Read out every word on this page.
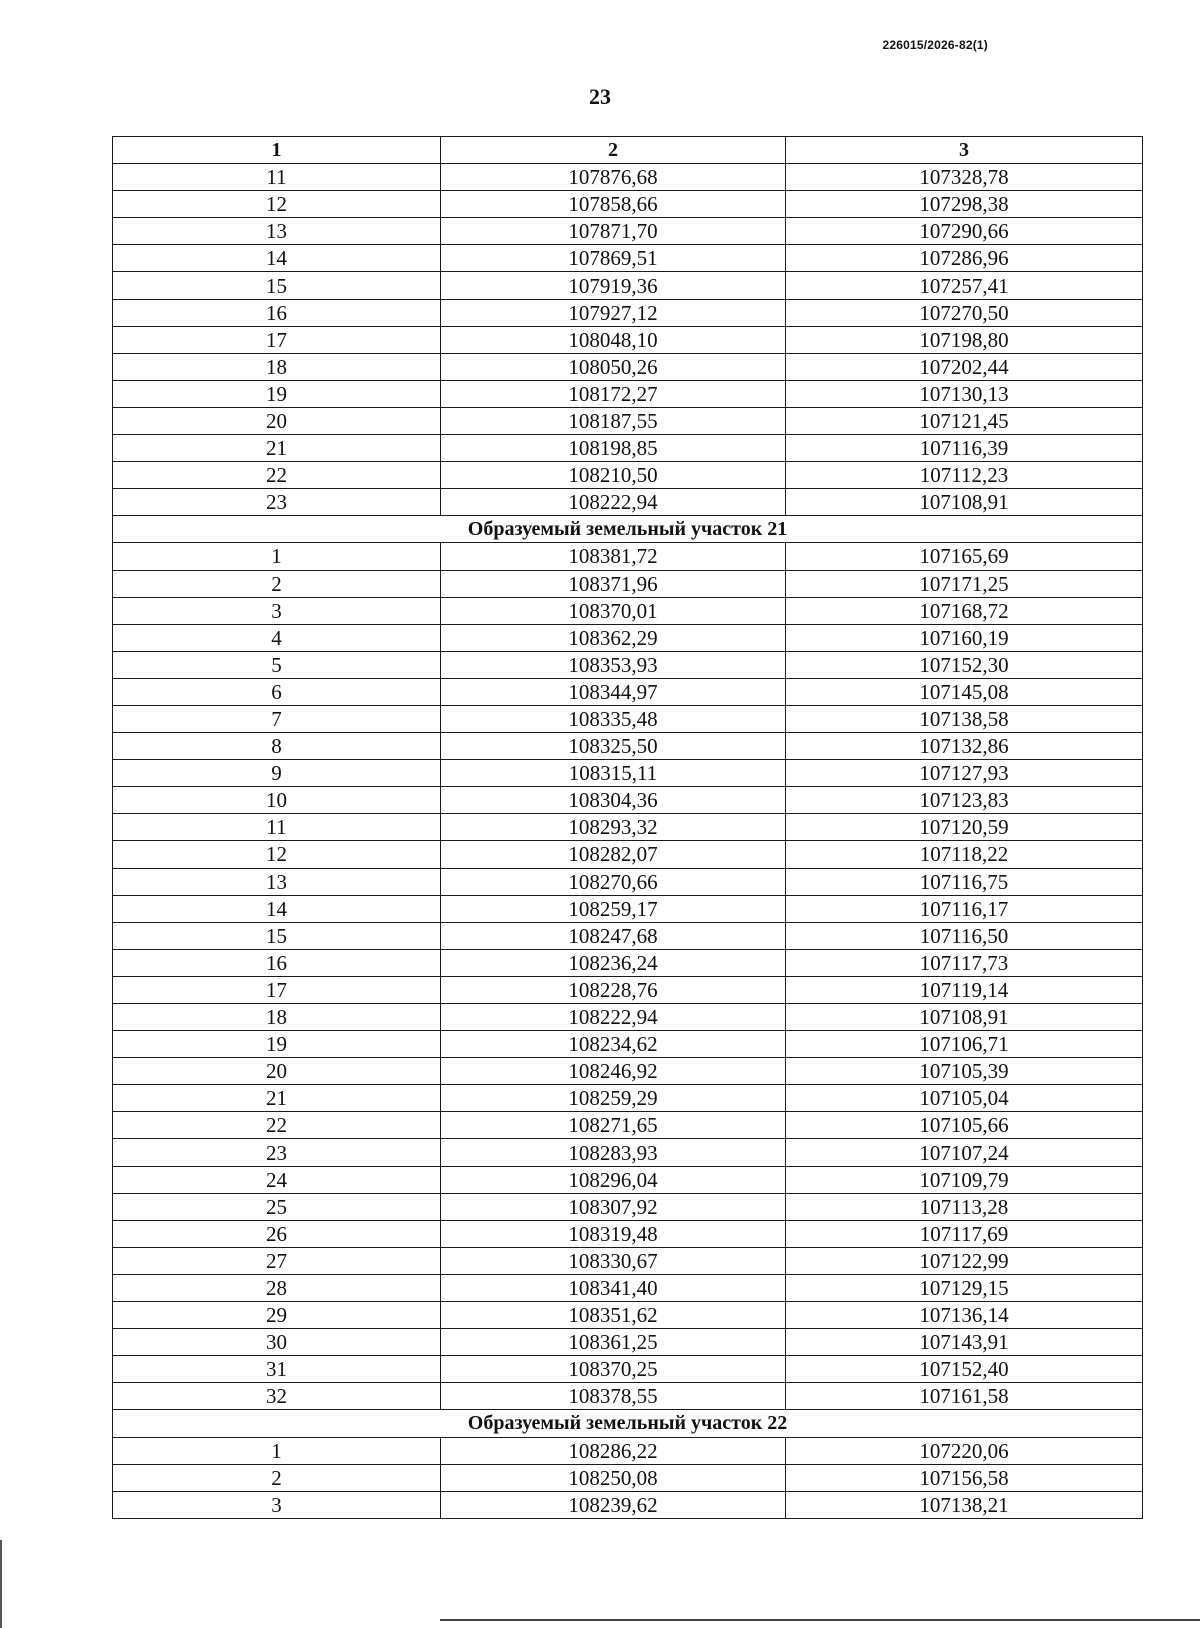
226015/2026-82(1)
23
1	2	3
11	107876,68	107328,78
12	107858,66	107298,38
13	107871,70	107290,66
14	107869,51	107286,96
15	107919,36	107257,41
16	107927,12	107270,50
17	108048,10	107198,80
18	108050,26	107202,44
19	108172,27	107130,13
20	108187,55	107121,45
21	108198,85	107116,39
22	108210,50	107112,23
23	108222,94	107108,91
Образуемый земельный участок 21		
1	108381,72	107165,69
2	108371,96	107171,25
3	108370,01	107168,72
4	108362,29	107160,19
5	108353,93	107152,30
6	108344,97	107145,08
7	108335,48	107138,58
8	108325,50	107132,86
9	108315,11	107127,93
10	108304,36	107123,83
11	108293,32	107120,59
12	108282,07	107118,22
13	108270,66	107116,75
14	108259,17	107116,17
15	108247,68	107116,50
16	108236,24	107117,73
17	108228,76	107119,14
18	108222,94	107108,91
19	108234,62	107106,71
20	108246,92	107105,39
21	108259,29	107105,04
22	108271,65	107105,66
23	108283,93	107107,24
24	108296,04	107109,79
25	108307,92	107113,28
26	108319,48	107117,69
27	108330,67	107122,99
28	108341,40	107129,15
29	108351,62	107136,14
30	108361,25	107143,91
31	108370,25	107152,40
32	108378,55	107161,58
Образуемый земельный участок 22		
1	108286,22	107220,06
2	108250,08	107156,58
3	108239,62	107138,21
